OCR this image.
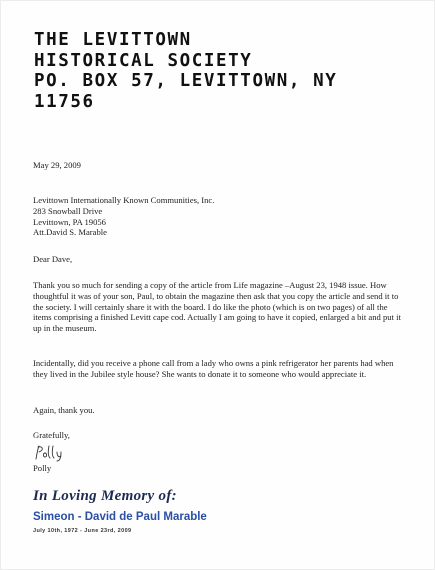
THE LEVITTOWN
HISTORICAL SOCIETY
PO. BOX 57, LEVITTOWN, NY
11756
May 29, 2009
Levittown Internationally Known Communities, Inc.
283 Snowball Drive
Levittown, PA 19056
Att.David S. Marable
Dear Dave,
Thank you so much for sending a copy of the article from Life magazine –August 23, 1948 issue. How thoughtful it was of your son, Paul, to obtain the magazine then ask that you copy the article and send it to the society. I will certainly share it with the board. I do like the photo (which is on two pages) of all the items comprising a finished Levitt cape cod. Actually I am going to have it copied, enlarged a bit and put it up in the museum.
Incidentally, did you receive a phone call from a lady who owns a pink refrigerator her parents had when they lived in the Jubilee style house? She wants to donate it to someone who would appreciate it.
Again, thank you.
Gratefully,
Polly
In Loving Memory of:
Simeon - David de Paul Marable
July 10th, 1972 - June 23rd, 2009
